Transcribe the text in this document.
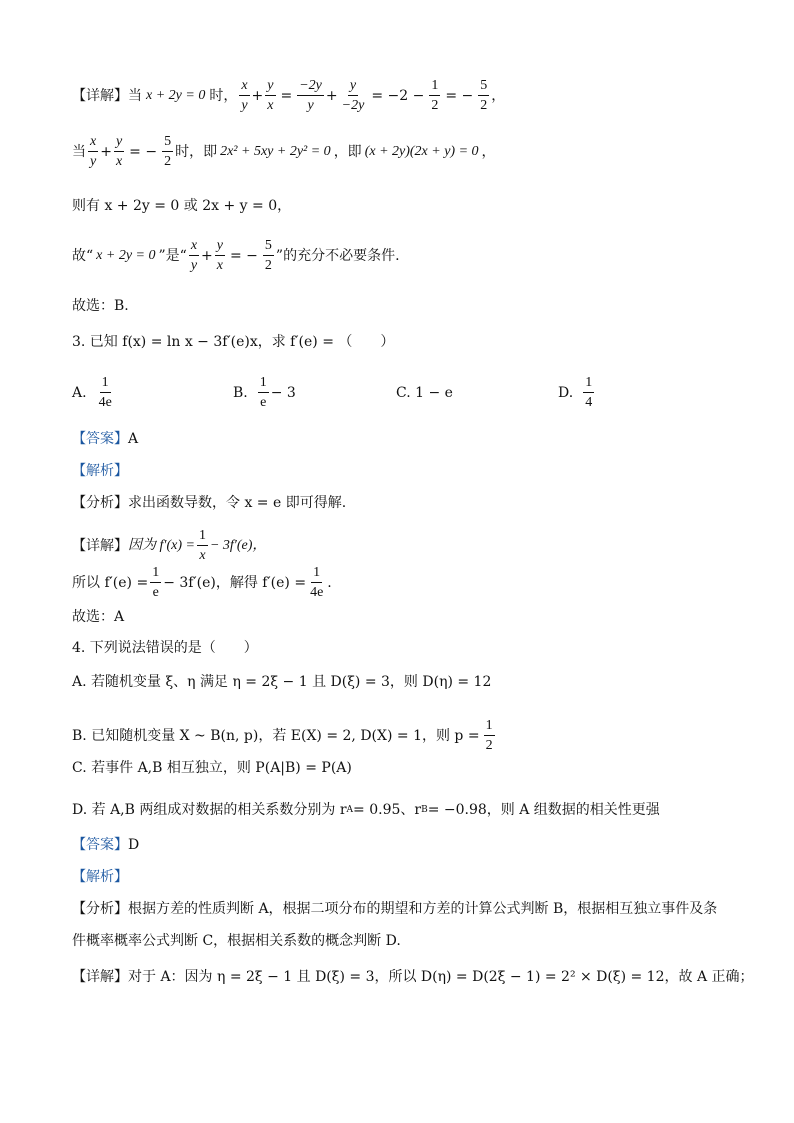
【详解】 当 x + 2y = 0 时， $\frac{x}{y} + \frac{y}{x} = \frac{-2y}{y} + \frac{y}{-2y} = -2 - \frac{1}{2}$ = − $\frac{5}{2}$ ，
当 $\frac{x}{y} + \frac{y}{x}$ = − $\frac{5}{2}$ 时，即 2x² + 5xy + 2y² = 0 ，即 (x + 2y)(2x + y) = 0 ，
则有 x + 2y = 0 或 2x + y = 0，
故“ x + 2y = 0 ”是“ $\frac{x}{y} + \frac{y}{x}$ = − $\frac{5}{2}$ ”的充分不必要条件.
故选：B.
3. 已知 f(x) = ln x − 3f′(e)x，求 f′(e) = （　　）
A. $\frac{1}{4e}$	B. $\frac{1}{e} - 3$	C. 1 − e	D. $\frac{1}{4}$
【答案】 A
【解析】
【分析】 求出函数导数，令 x = e 即可得解.
【详解】 因为 $f'(x) = \frac{1}{x} - 3f'(e)$，
所以 $f'(e) = \frac{1}{e} - 3f'(e)$，解得 $f'(e) = \frac{1}{4e}$ .
故选：A
4. 下列说法错误的是（　　）
A. 若随机变量 ξ、η 满足 η = 2ξ − 1 且 D(ξ) = 3，则 D(η) = 12
B. 已知随机变量 X ~ B(n, p)，若 E(X) = 2, D(X) = 1，则 $p = \frac{1}{2}$
C. 若事件 A,B 相互独立，则 P(A|B) = P(A)
D. 若 A,B 两组成对数据的相关系数分别为 r A = 0.95、r B = −0.98，则 A 组数据的相关性更强
【答案】 D
【解析】
【分析】 根据方差的性质判断 A，根据二项分布的期望和方差的计算公式判断 B，根据相互独立事件及条
件概率概率公式判断 C，根据相关系数的概念判断 D.
【详解】 对于 A：因为 η = 2ξ − 1 且 D(ξ) = 3，所以 D(η) = D(2ξ − 1) = 2² × D(ξ) = 12，故 A 正确；
